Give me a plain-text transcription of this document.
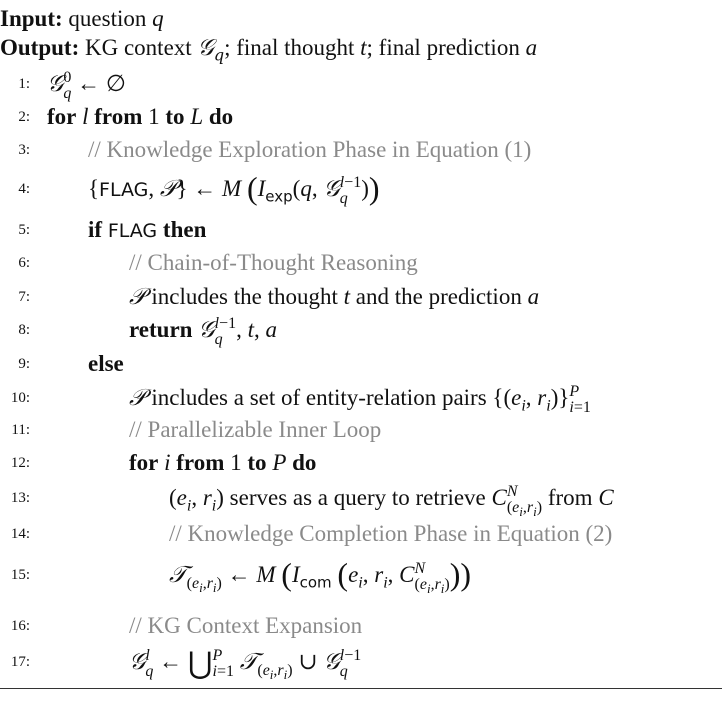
Input: question q
Output: KG context 𝒢$_q$; final thought t; final prediction a
1: 𝒢 0
q ← ∅
2: for l from 1 to L do
3:	// Knowledge Exploration Phase in Equation (1)
4:	{FLAG, 𝒫} ← M ($I_{exp}(q$, 𝒢 l−1
q ))
5:	if FLAG then
6:	// Chain-of-Thought Reasoning
7:	𝒫 includes the thought t and the prediction a
8:	return 𝒢 l−1
q , t, a
9:	else
10:	𝒫 includes a set of entity-relation pairs {($e_i$, $r_i$)} P
i=1
11:	// Parallelizable Inner Loop
12:	for i from 1 to P do
13:	($e_i$, $r_i$) serves as a query to retrieve C N
$(e_i,r_i)$ from C
14:	// Knowledge Completion Phase in Equation (2)
15:	𝒯$_{(e_i,r_i)}$ ← M ($I_{com}$ ($e_i$, $r_i$, C N
$(e_i,r_i)$ ))
16:	// KG Context Expansion
17:	𝒢 l
q ← ⋃ P
i=1 𝒯$_{(e_i,r_i)}$ ∪ 𝒢 l−1
q
